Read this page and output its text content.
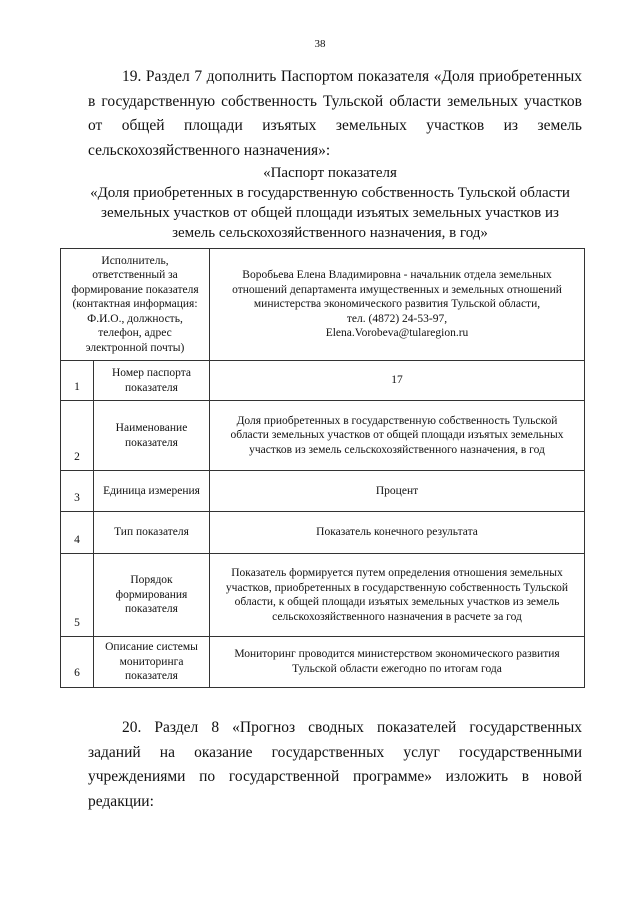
38
19. Раздел 7 дополнить Паспортом показателя «Доля приобретенных в государственную собственность Тульской области земельных участков от общей площади изъятых земельных участков из земель сельскохозяйственного назначения»:
«Паспорт показателя
«Доля приобретенных в государственную собственность Тульской области
земельных участков от общей площади изъятых земельных участков из
земель сельскохозяйственного назначения, в год»
Исполнитель, ответственный за формирование показателя (контактная информация: Ф.И.О., должность, телефон, адрес электронной почты)		Воробьева Елена Владимировна - начальник отдела земельных отношений департамента имущественных и земельных отношений министерства экономического развития Тульской области,
тел. (4872) 24-53-97,
Elena.Vorobeva@tularegion.ru

1	Номер паспорта показателя	17
2	Наименование показателя	Доля приобретенных в государственную собственность Тульской области земельных участков от общей площади изъятых земельных участков из земель сельскохозяйственного назначения, в год
3	Единица измерения	Процент
4	Тип показателя	Показатель конечного результата
5	Порядок формирования показателя	Показатель формируется путем определения отношения земельных участков, приобретенных в государственную собственность Тульской области, к общей площади изъятых земельных участков из земель сельскохозяйственного назначения в расчете за год
6	Описание системы мониторинга показателя	Мониторинг проводится министерством экономического развития Тульской области ежегодно по итогам года
20. Раздел 8 «Прогноз сводных показателей государственных заданий на оказание государственных услуг государственными учреждениями по государственной программе» изложить в новой редакции:
